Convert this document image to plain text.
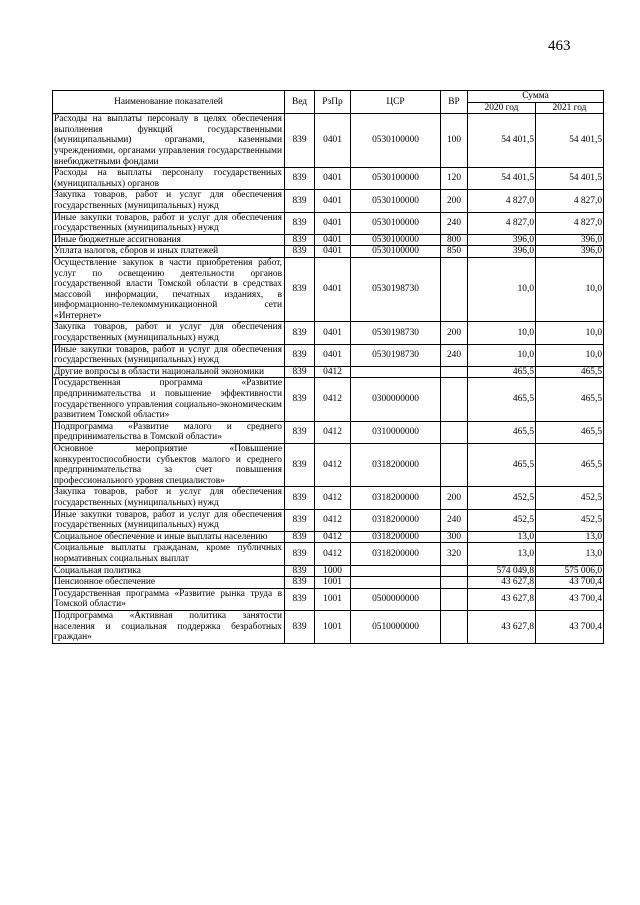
463
Наименование показателей	Вед	РзПр	ЦСР	ВР	Сумма	
					2020 год	2021 год
Расходы на выплаты персоналу в целях обеспечения выполнения функций государственными (муниципальными) органами, казенными учреждениями, органами управления государственными внебюджетными фондами	839	0401	0530100000	100	54 401,5	54 401,5
Расходы на выплаты персоналу государственных (муниципальных) органов	839	0401	0530100000	120	54 401,5	54 401,5
Закупка товаров, работ и услуг для обеспечения государственных (муниципальных) нужд	839	0401	0530100000	200	4 827,0	4 827,0
Иные закупки товаров, работ и услуг для обеспечения государственных (муниципальных) нужд	839	0401	0530100000	240	4 827,0	4 827,0
Иные бюджетные ассигнования	839	0401	0530100000	800	396,0	396,0
Уплата налогов, сборов и иных платежей	839	0401	0530100000	850	396,0	396,0
Осуществление закупок в части приобретения работ, услуг по освещению деятельности органов государственной власти Томской области в средствах массовой информации, печатных изданиях, в информационно-телекоммуникационной сети «Интернет»	839	0401	0530198730		10,0	10,0
Закупка товаров, работ и услуг для обеспечения государственных (муниципальных) нужд	839	0401	0530198730	200	10,0	10,0
Иные закупки товаров, работ и услуг для обеспечения государственных (муниципальных) нужд	839	0401	0530198730	240	10,0	10,0
Другие вопросы в области национальной экономики	839	0412			465,5	465,5
Государственная программа «Развитие предпринимательства и повышение эффективности государственного управления социально-экономическим развитием Томской области»	839	0412	0300000000		465,5	465,5
Подпрограмма «Развитие малого и среднего предпринимательства в Томской области»	839	0412	0310000000		465,5	465,5
Основное мероприятие «Повышение конкурентоспособности субъектов малого и среднего предпринимательства за счет повышения профессионального уровня специалистов»	839	0412	0318200000		465,5	465,5
Закупка товаров, работ и услуг для обеспечения государственных (муниципальных) нужд	839	0412	0318200000	200	452,5	452,5
Иные закупки товаров, работ и услуг для обеспечения государственных (муниципальных) нужд	839	0412	0318200000	240	452,5	452,5
Социальное обеспечение и иные выплаты населению	839	0412	0318200000	300	13,0	13,0
Социальные выплаты гражданам, кроме публичных нормативных социальных выплат	839	0412	0318200000	320	13,0	13,0
Социальная политика	839	1000			574 049,8	575 006,0
Пенсионное обеспечение	839	1001			43 627,8	43 700,4
Государственная программа «Развитие рынка труда в Томской области»	839	1001	0500000000		43 627,8	43 700,4
Подпрограмма «Активная политика занятости населения и социальная поддержка безработных граждан»	839	1001	0510000000		43 627,8	43 700,4
